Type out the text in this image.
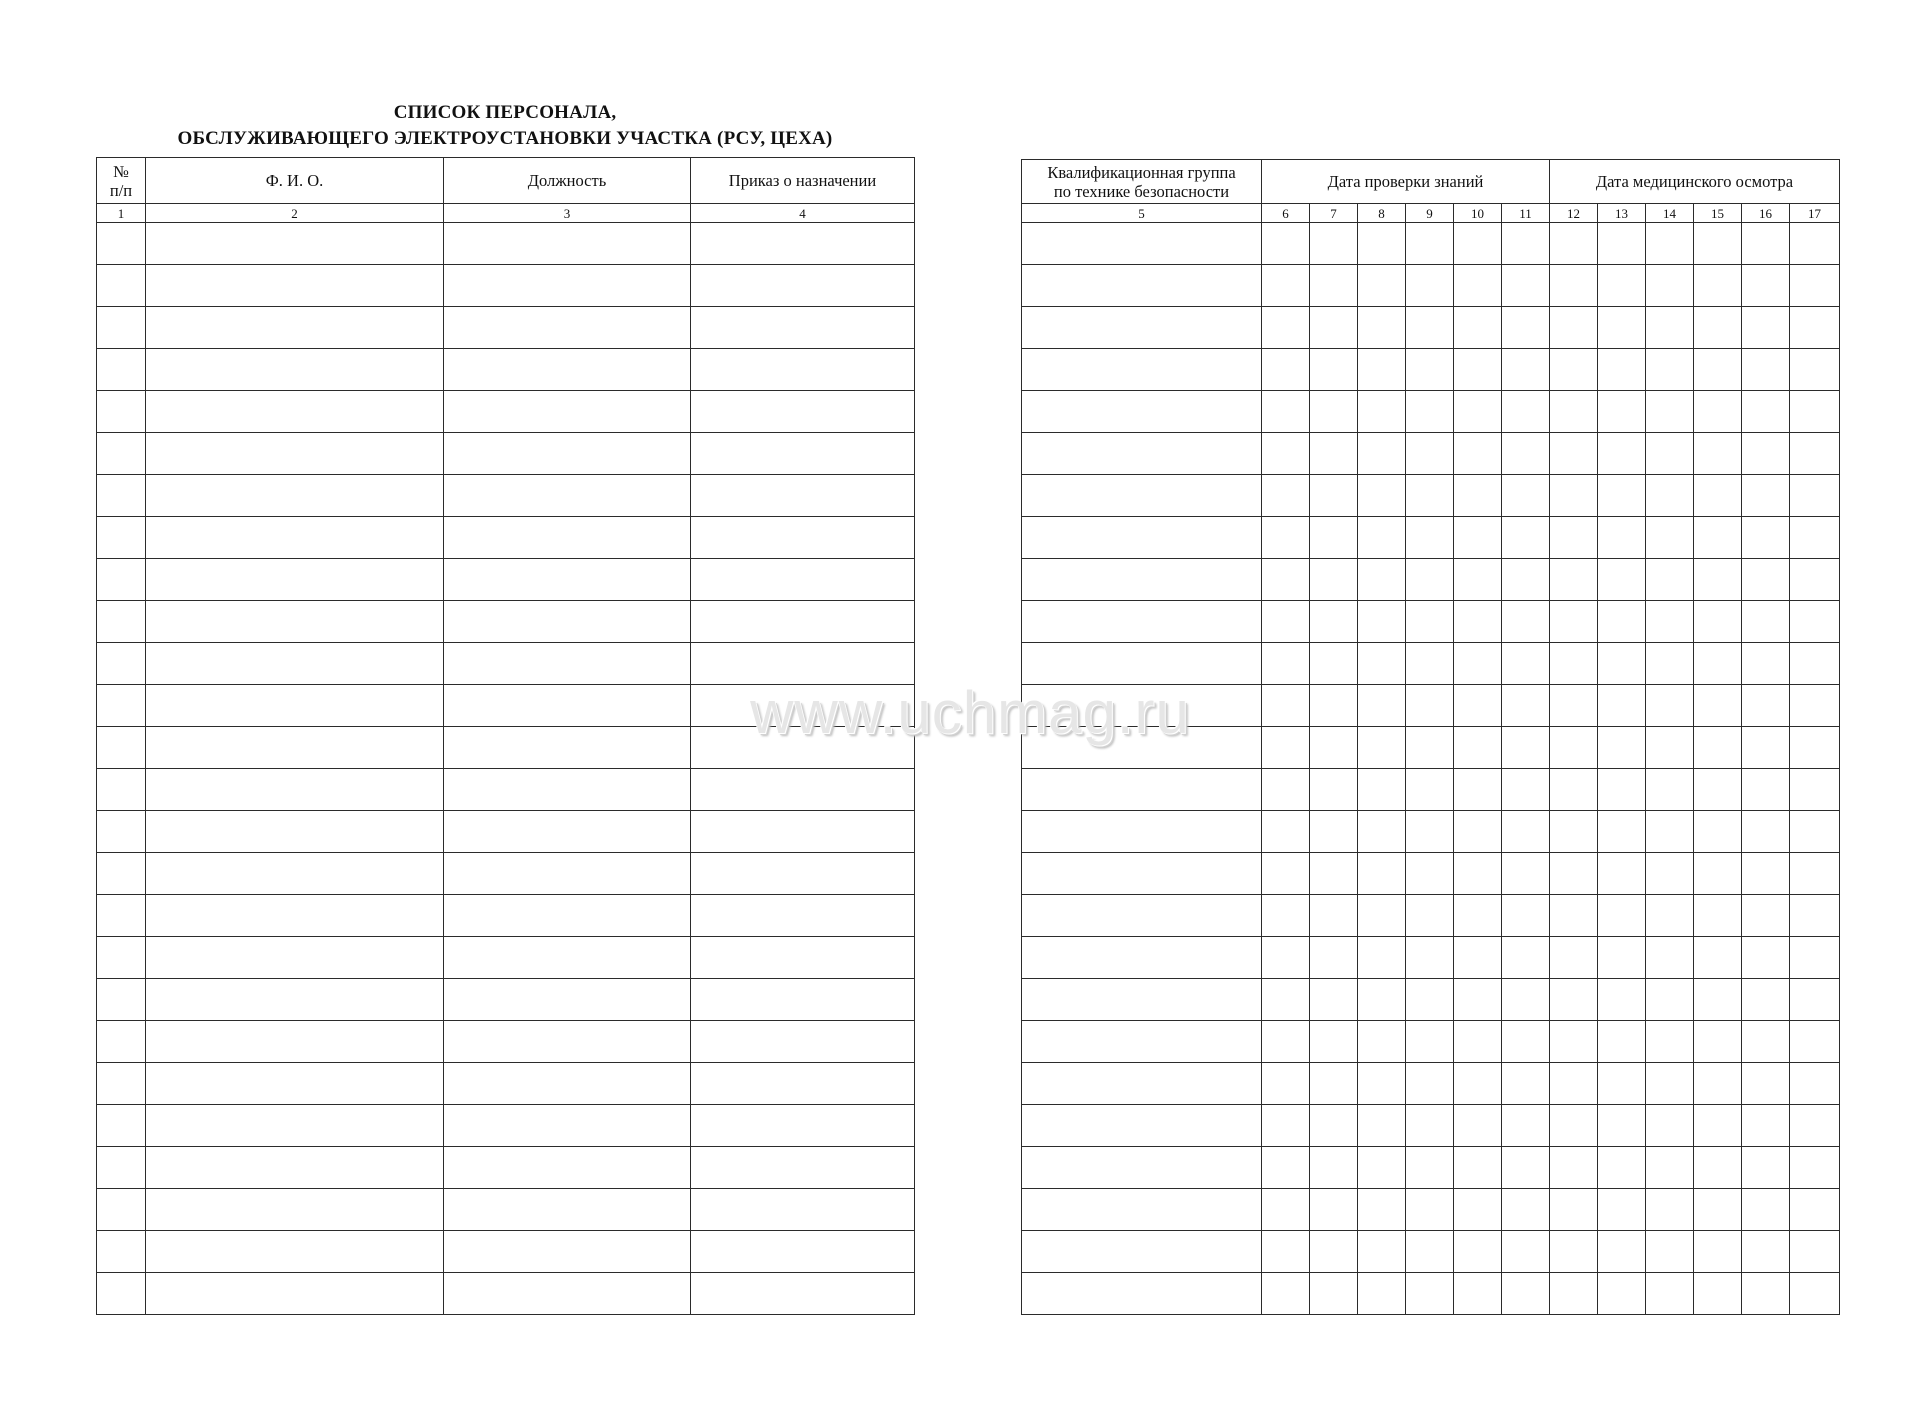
СПИСОК ПЕРСОНАЛА,
ОБСЛУЖИВАЮЩЕГО ЭЛЕКТРОУСТАНОВКИ УЧАСТКА (РСУ, ЦЕХА)
№
п/п	Ф. И. О.	Должность	Приказ о назначении
1	2	3	4

Квалификационная группа
по технике безопасности	Дата проверки знаний						Дата медицинского осмотра					
5	6	7	8	9	10	11	12	13	14	15	16	17

www.uchmag.ru
